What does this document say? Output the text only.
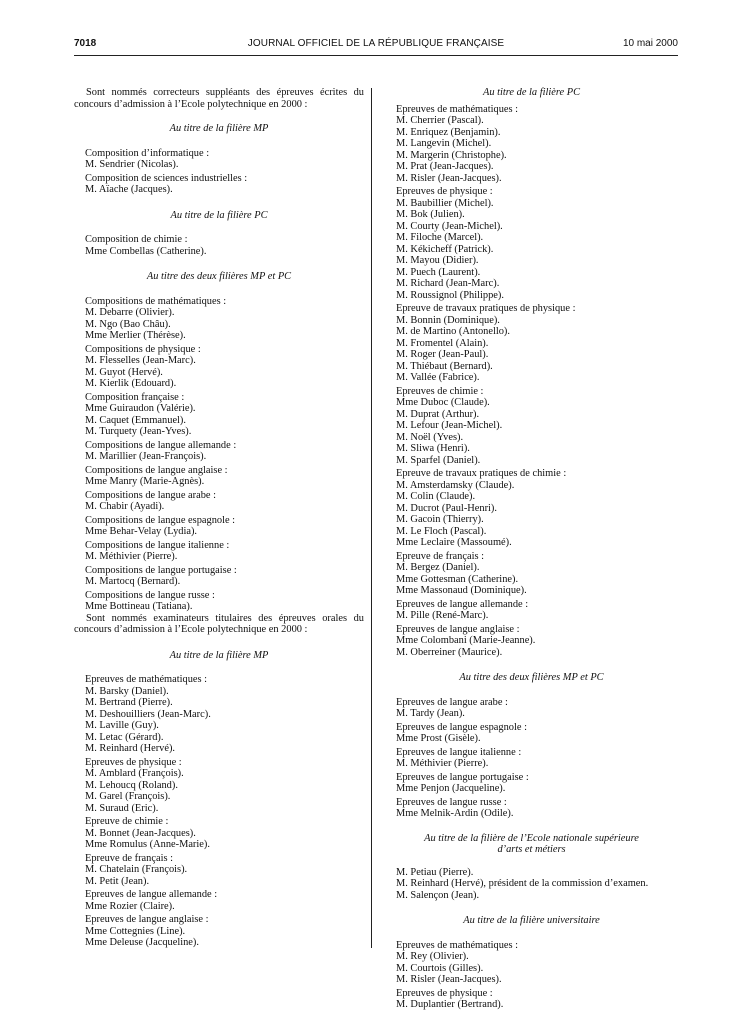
7018	JOURNAL OFFICIEL DE LA RÉPUBLIQUE FRANÇAISE	10 mai 2000

Sont nommés correcteurs suppléants des épreuves écrites du concours d’admission à l’Ecole polytechnique en 2000 :

Au titre de la filière MP
Composition d’informatique :
M. Sendrier (Nicolas).
Composition de sciences industrielles :
M. Aïache (Jacques).
Au titre de la filière PC
Composition de chimie :
Mme Combellas (Catherine).
Au titre des deux filières MP et PC
Compositions de mathématiques :
M. Debarre (Olivier).
M. Ngo (Bao Châu).
Mme Merlier (Thérèse).
Compositions de physique :
M. Flesselles (Jean-Marc).
M. Guyot (Hervé).
M. Kierlik (Edouard).
Composition française :
Mme Guiraudon (Valérie).
M. Caquet (Emmanuel).
M. Turquety (Jean-Yves).
Compositions de langue allemande :
M. Marillier (Jean-François).
Compositions de langue anglaise :
Mme Manry (Marie-Agnès).
Compositions de langue arabe :
M. Chabir (Ayadi).
Compositions de langue espagnole :
Mme Behar-Velay (Lydia).
Compositions de langue italienne :
M. Méthivier (Pierre).
Compositions de langue portugaise :
M. Martocq (Bernard).
Compositions de langue russe :
Mme Bottineau (Tatiana).

Sont nommés examinateurs titulaires des épreuves orales du concours d’admission à l’Ecole polytechnique en 2000 :

Au titre de la filière MP
Epreuves de mathématiques :
M. Barsky (Daniel).
M. Bertrand (Pierre).
M. Deshouilliers (Jean-Marc).
M. Laville (Guy).
M. Letac (Gérard).
M. Reinhard (Hervé).
Epreuves de physique :
M. Amblard (François).
M. Lehoucq (Roland).
M. Garel (François).
M. Suraud (Eric).
Epreuve de chimie :
M. Bonnet (Jean-Jacques).
Mme Romulus (Anne-Marie).
Epreuve de français :
M. Chatelain (François).
M. Petit (Jean).
Epreuves de langue allemande :
Mme Rozier (Claire).
Epreuves de langue anglaise :
Mme Cottegnies (Line).
Mme Deleuse (Jacqueline).
Au titre de la filière PC
Epreuves de mathématiques :
M. Cherrier (Pascal).
M. Enriquez (Benjamin).
M. Langevin (Michel).
M. Margerin (Christophe).
M. Prat (Jean-Jacques).
M. Risler (Jean-Jacques).
Epreuves de physique :
M. Baubillier (Michel).
M. Bok (Julien).
M. Courty (Jean-Michel).
M. Filoche (Marcel).
M. Kékicheff (Patrick).
M. Mayou (Didier).
M. Puech (Laurent).
M. Richard (Jean-Marc).
M. Roussignol (Philippe).
Epreuve de travaux pratiques de physique :
M. Bonnin (Dominique).
M. de Martino (Antonello).
M. Fromentel (Alain).
M. Roger (Jean-Paul).
M. Thiébaut (Bernard).
M. Vallée (Fabrice).
Epreuves de chimie :
Mme Duboc (Claude).
M. Duprat (Arthur).
M. Lefour (Jean-Michel).
M. Noël (Yves).
M. Sliwa (Henri).
M. Sparfel (Daniel).
Epreuve de travaux pratiques de chimie :
M. Amsterdamsky (Claude).
M. Colin (Claude).
M. Ducrot (Paul-Henri).
M. Gacoin (Thierry).
M. Le Floch (Pascal).
Mme Leclaire (Massoumé).
Epreuve de français :
M. Bergez (Daniel).
Mme Gottesman (Catherine).
Mme Massonaud (Dominique).
Epreuves de langue allemande :
M. Pille (René-Marc).
Epreuves de langue anglaise :
Mme Colombani (Marie-Jeanne).
M. Oberreiner (Maurice).
Au titre des deux filières MP et PC
Epreuves de langue arabe :
M. Tardy (Jean).
Epreuves de langue espagnole :
Mme Prost (Gisèle).
Epreuves de langue italienne :
M. Méthivier (Pierre).
Epreuves de langue portugaise :
Mme Penjon (Jacqueline).
Epreuves de langue russe :
Mme Melnik-Ardin (Odile).
Au titre de la filière de l’Ecole nationale supérieure
d’arts et métiers
M. Petiau (Pierre).
M. Reinhard (Hervé), président de la commission d’examen.
M. Salençon (Jean).
Au titre de la filière universitaire
Epreuves de mathématiques :
M. Rey (Olivier).
M. Courtois (Gilles).
M. Risler (Jean-Jacques).
Epreuves de physique :
M. Duplantier (Bertrand).
